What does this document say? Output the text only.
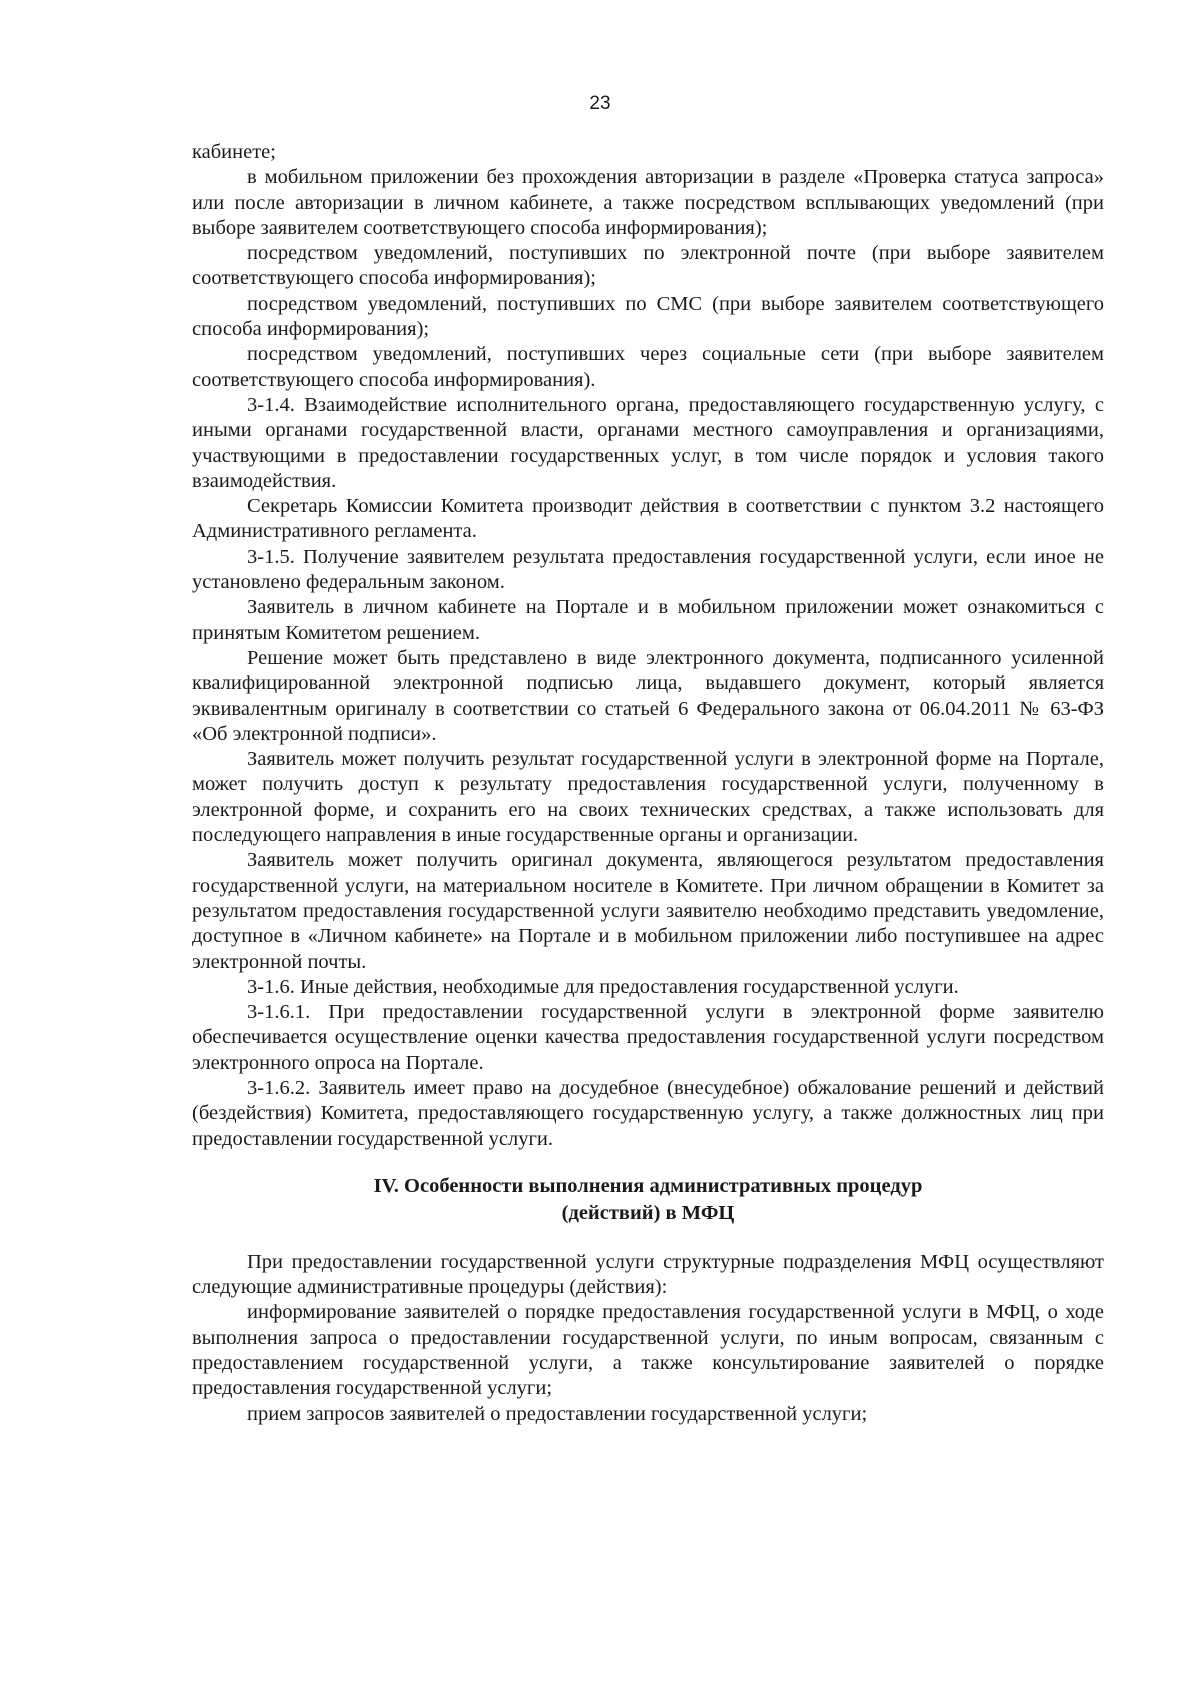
23

кабинете;

в мобильном приложении без прохождения авторизации в разделе «Проверка статуса запроса» или после авторизации в личном кабинете, а также посредством всплывающих уведомлений (при выборе заявителем соответствующего способа информирования);

посредством уведомлений, поступивших по электронной почте (при выборе заявителем соответствующего способа информирования);

посредством уведомлений, поступивших по СМС (при выборе заявителем соответствующего способа информирования);

посредством уведомлений, поступивших через социальные сети (при выборе заявителем соответствующего способа информирования).

3-1.4. Взаимодействие исполнительного органа, предоставляющего государственную услугу, с иными органами государственной власти, органами местного самоуправления и организациями, участвующими в предоставлении государственных услуг, в том числе порядок и условия такого взаимодействия.

Секретарь Комиссии Комитета производит действия в соответствии с пунктом 3.2 настоящего Административного регламента.

3-1.5. Получение заявителем результата предоставления государственной услуги, если иное не установлено федеральным законом.

Заявитель в личном кабинете на Портале и в мобильном приложении может ознакомиться с принятым Комитетом решением.

Решение может быть представлено в виде электронного документа, подписанного усиленной квалифицированной электронной подписью лица, выдавшего документ, который является эквивалентным оригиналу в соответствии со статьей 6 Федерального закона от 06.04.2011 № 63-ФЗ «Об электронной подписи».

Заявитель может получить результат государственной услуги в электронной форме на Портале, может получить доступ к результату предоставления государственной услуги, полученному в электронной форме, и сохранить его на своих технических средствах, а также использовать для последующего направления в иные государственные органы и организации.

Заявитель может получить оригинал документа, являющегося результатом предоставления государственной услуги, на материальном носителе в Комитете. При личном обращении в Комитет за результатом предоставления государственной услуги заявителю необходимо представить уведомление, доступное в «Личном кабинете» на Портале и в мобильном приложении либо поступившее на адрес электронной почты.

3-1.6. Иные действия, необходимые для предоставления государственной услуги.

3-1.6.1. При предоставлении государственной услуги в электронной форме заявителю обеспечивается осуществление оценки качества предоставления государственной услуги посредством электронного опроса на Портале.

3-1.6.2. Заявитель имеет право на досудебное (внесудебное) обжалование решений и действий (бездействия) Комитета, предоставляющего государственную услугу, а также должностных лиц при предоставлении государственной услуги.

IV. Особенности выполнения административных процедур
(действий) в МФЦ

При предоставлении государственной услуги структурные подразделения МФЦ осуществляют следующие административные процедуры (действия):

информирование заявителей о порядке предоставления государственной услуги в МФЦ, о ходе выполнения запроса о предоставлении государственной услуги, по иным вопросам, связанным с предоставлением государственной услуги, а также консультирование заявителей о порядке предоставления государственной услуги;

прием запросов заявителей о предоставлении государственной услуги;
